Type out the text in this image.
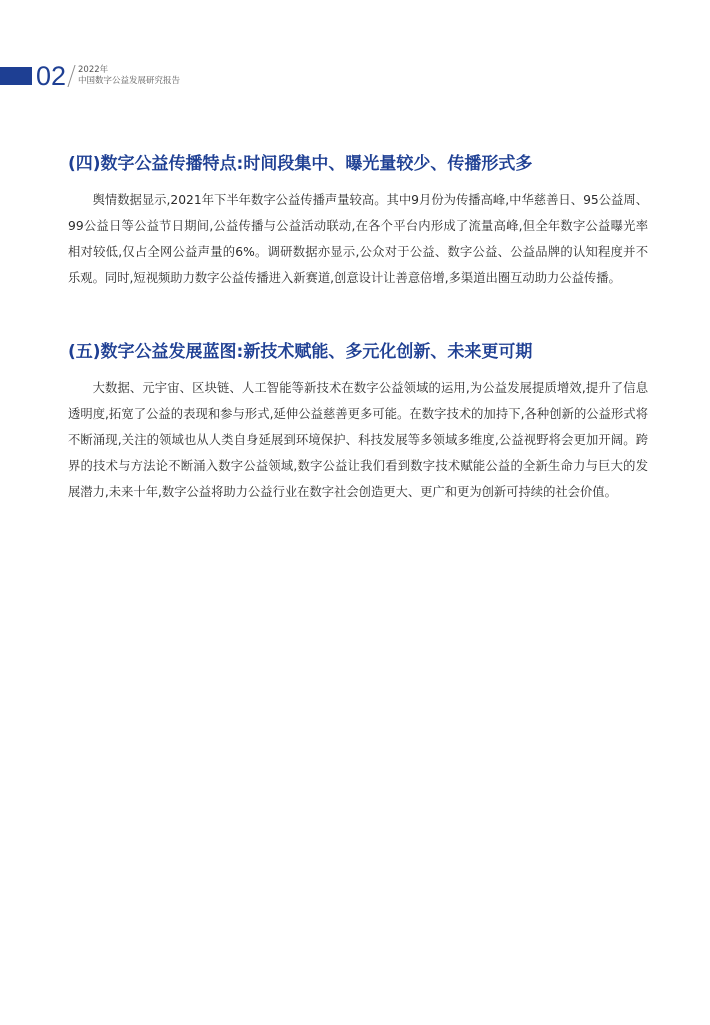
02 2022年
中国数字公益发展研究报告
(四)数字公益传播特点:时间段集中、曝光量较少、传播形式多

舆情数据显示,2021年下半年数字公益传播声量较高。其中9月份为传播高峰,中华慈善日、95公益周、99公益日等公益节日期间,公益传播与公益活动联动,在各个平台内形成了流量高峰,但全年数字公益曝光率相对较低,仅占全网公益声量的6%。调研数据亦显示,公众对于公益、数字公益、公益品牌的认知程度并不乐观。同时,短视频助力数字公益传播进入新赛道,创意设计让善意倍增,多渠道出圈互动助力公益传播。

(五)数字公益发展蓝图:新技术赋能、多元化创新、未来更可期

大数据、元宇宙、区块链、人工智能等新技术在数字公益领域的运用,为公益发展提质增效,提升了信息透明度,拓宽了公益的表现和参与形式,延伸公益慈善更多可能。在数字技术的加持下,各种创新的公益形式将不断涌现,关注的领域也从人类自身延展到环境保护、科技发展等多领域多维度,公益视野将会更加开阔。跨界的技术与方法论不断涌入数字公益领域,数字公益让我们看到数字技术赋能公益的全新生命力与巨大的发展潜力,未来十年,数字公益将助力公益行业在数字社会创造更大、更广和更为创新可持续的社会价值。
